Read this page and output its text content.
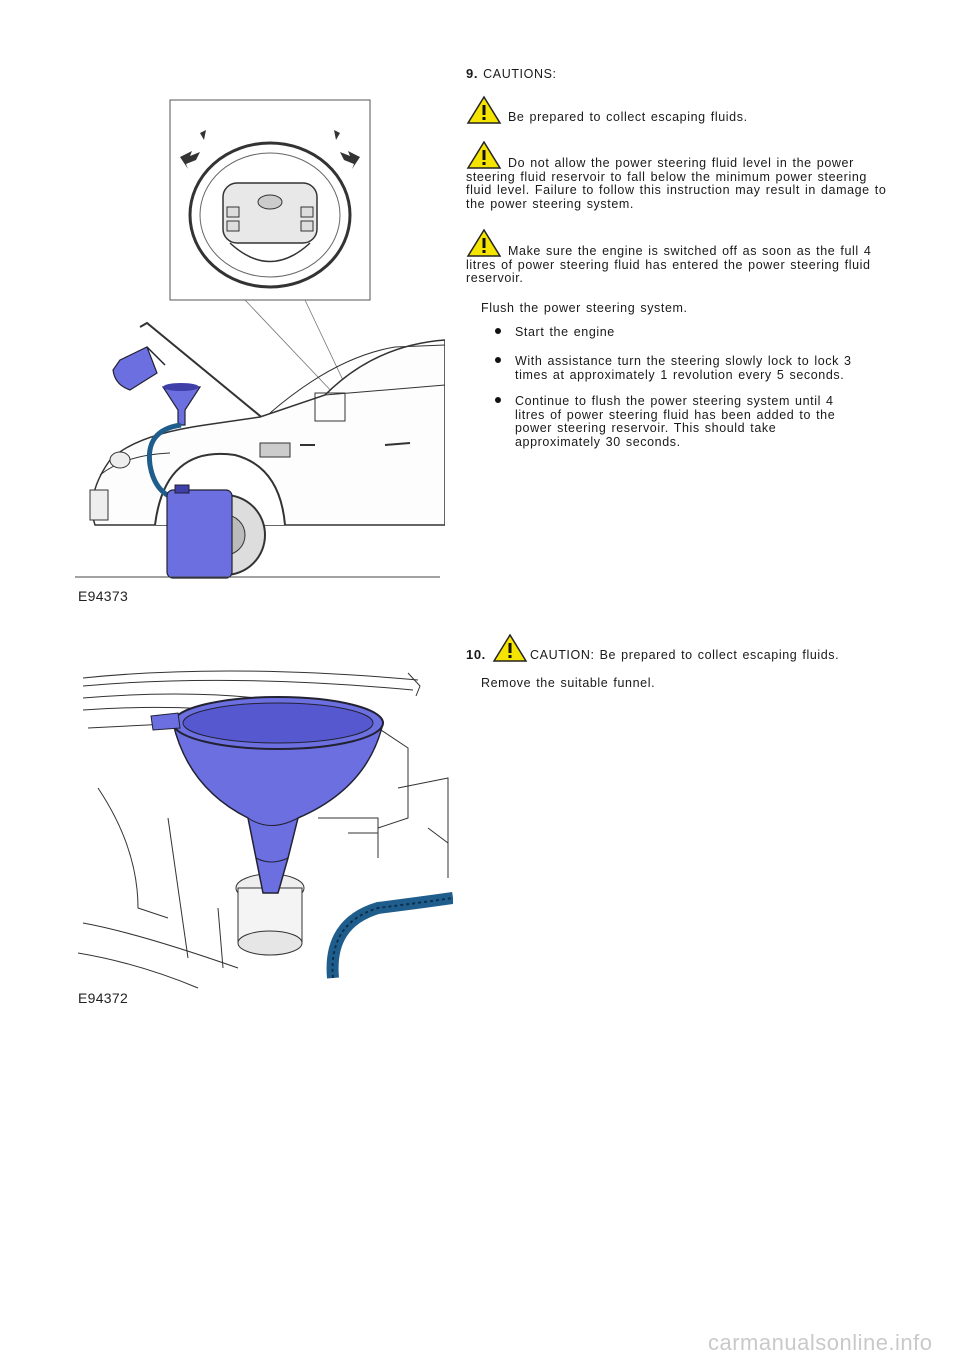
E94373
9. CAUTIONS:
Be prepared to collect escaping fluids.
Do not allow the power steering fluid level in the power steering fluid reservoir to fall below the minimum power steering fluid level. Failure to follow this instruction may result in damage to the power steering system.
Make sure the engine is switched off as soon as the full 4 litres of power steering fluid has entered the power steering fluid reservoir.
Flush the power steering system.
Start the engine
With assistance turn the steering slowly lock to lock 3 times at approximately 1 revolution every 5 seconds.
Continue to flush the power steering system until 4 litres of power steering fluid has been added to the power steering reservoir. This should take approximately 30 seconds.
10.	CAUTION: Be prepared to collect escaping fluids.
Remove the suitable funnel.
E94372
carmanualsonline.info
